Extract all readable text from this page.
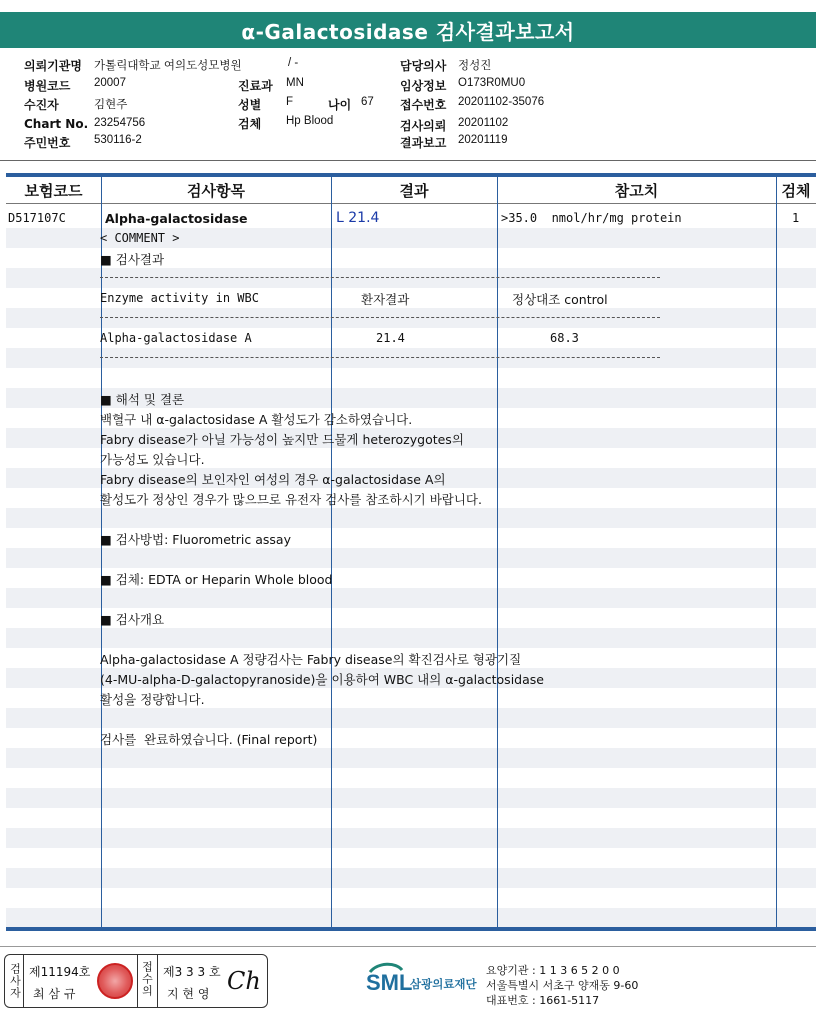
α-Galactosidase 검사결과보고서
의뢰기관명 가톨릭대학교 여의도성모병원
병원코드 20007
수진자	김현주
Chart No. 23254756
주민번호 530116-2
/ -
진료과 MN
성별 F
검체 Hp Blood
나이 67
담당의사 정성진
임상정보 O173R0MU0
접수번호 20201102-35076
검사의뢰 20201102
결과보고 20201119
보험코드	검사항목	결과	참고치	검체
D517107C	Alpha-galactosidase	L 21.4	>35.0  nmol/hr/mg protein	1
< COMMENT >
■ 검사결과
Enzyme activity in WBC	환자결과	정상대조 control
Alpha-galactosidase A	21.4	68.3
■ 해석 및 결론
백혈구 내 α-galactosidase A 활성도가 감소하였습니다.
Fabry disease가 아닐 가능성이 높지만 드물게 heterozygotes의
가능성도 있습니다.
Fabry disease의 보인자인 여성의 경우 α-galactosidase A의
활성도가 정상인 경우가 많으므로 유전자 검사를 참조하시기 바랍니다.
■ 검사방법: Fluorometric assay
■ 검체: EDTA or Heparin Whole blood
■ 검사개요
Alpha-galactosidase A 정량검사는 Fabry disease의 확진검사로 형광기질
(4-MU-alpha-D-galactopyranoside)을 이용하여 WBC 내의 α-galactosidase
활성을 정량합니다.
검사를  완료하였습니다. (Final report)
검사자 제11194호
최 삼 규	접수의 제3 3 3 호
지 현 영 Ch	SML
삼광의료재단
요양기관 : 1 1 3 6 5 2 0 0
서울특별시 서초구 양재동 9-60
대표번호 : 1661-5117
